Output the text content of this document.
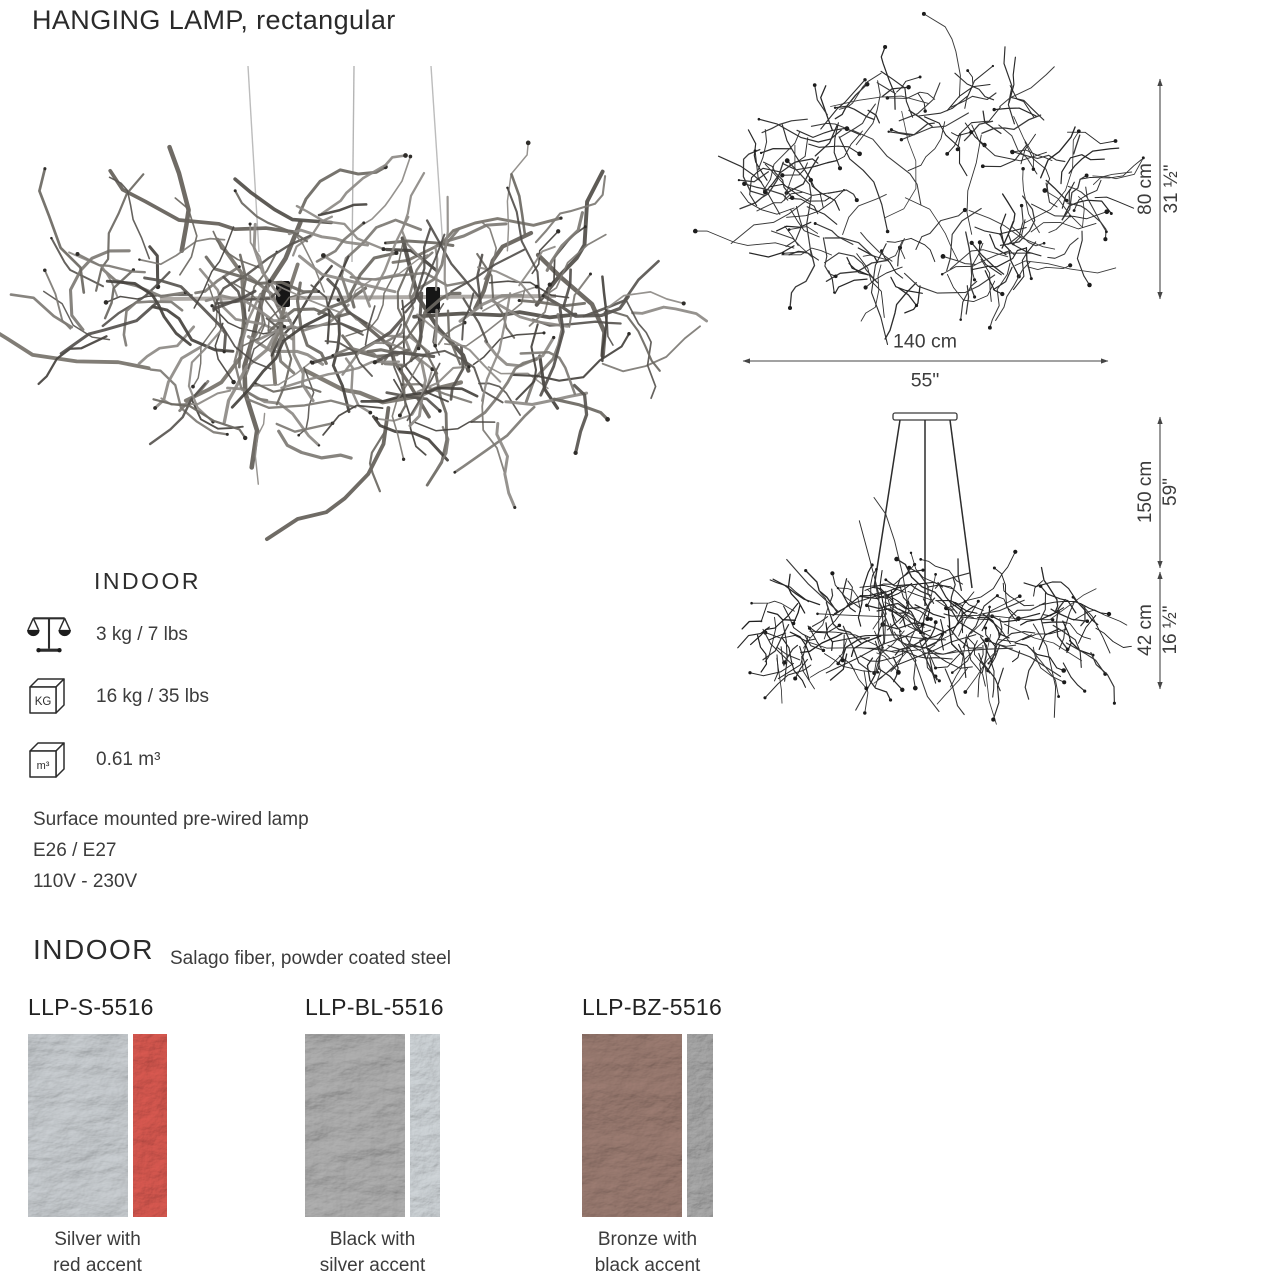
HANGING LAMP, rectangular
80 cm 31 ½"
140 cm
55"
150 cm 59"
42 cm 16 ½"
INDOOR
3 kg / 7 lbs
KG 16 kg / 35 lbs
m³ 0.61 m³
Surface mounted pre-wired lamp
E26 / E27
110V - 230V
INDOOR Salago fiber, powder coated steel
LLP-S-5516
Silver with
red accent
LLP-BL-5516
Black with
silver accent
LLP-BZ-5516
Bronze with
black accent
